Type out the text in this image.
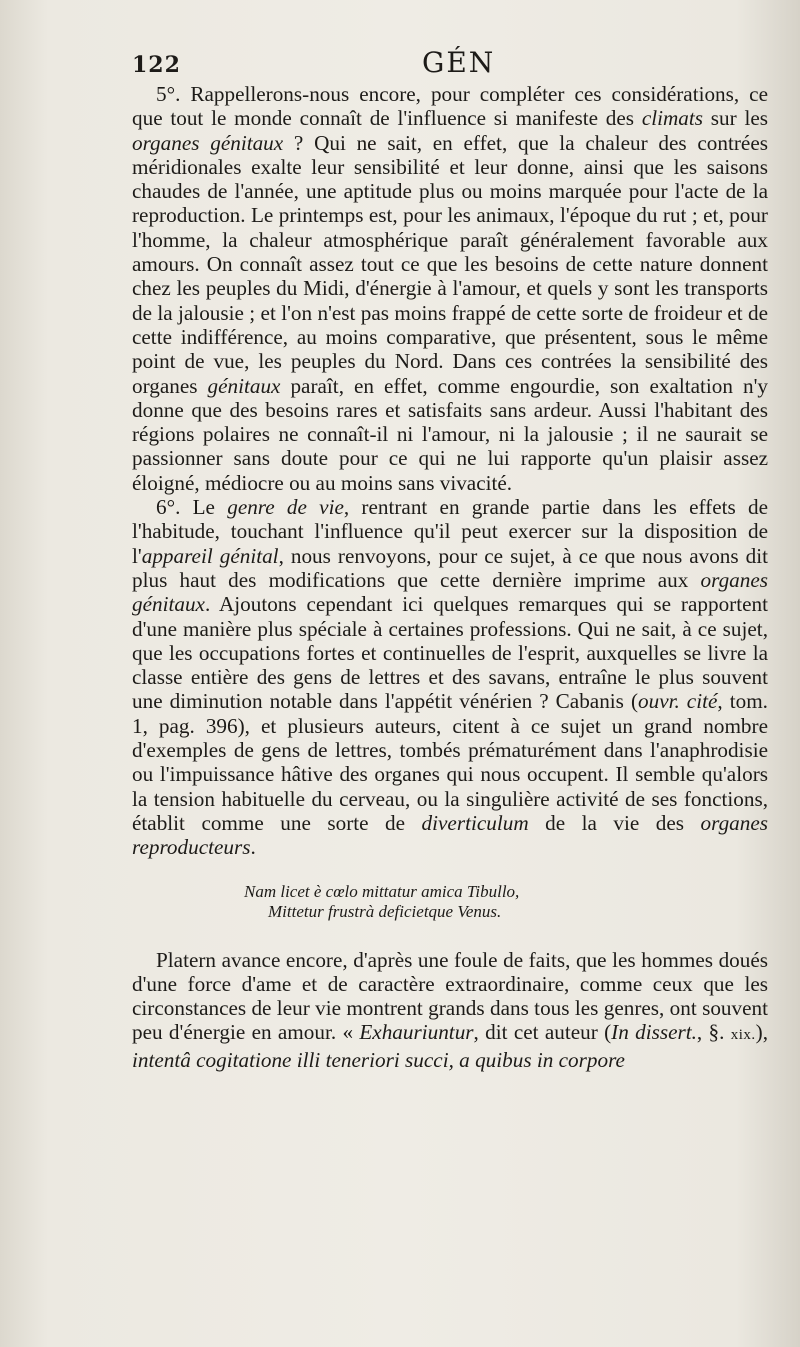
122	GÉN

5°. Rappellerons-nous encore, pour compléter ces considérations, ce que tout le monde connaît de l'influence si manifeste des climats sur les organes génitaux ? Qui ne sait, en effet, que la chaleur des contrées méridionales exalte leur sensibilité et leur donne, ainsi que les saisons chaudes de l'année, une aptitude plus ou moins marquée pour l'acte de la reproduction. Le printemps est, pour les animaux, l'époque du rut ; et, pour l'homme, la chaleur atmosphérique paraît généralement favorable aux amours. On connaît assez tout ce que les besoins de cette nature donnent chez les peuples du Midi, d'énergie à l'amour, et quels y sont les transports de la jalousie ; et l'on n'est pas moins frappé de cette sorte de froideur et de cette indifférence, au moins comparative, que présentent, sous le même point de vue, les peuples du Nord. Dans ces contrées la sensibilité des organes génitaux paraît, en effet, comme engourdie, son exaltation n'y donne que des besoins rares et satisfaits sans ardeur. Aussi l'habitant des régions polaires ne connaît-il ni l'amour, ni la jalousie ; il ne saurait se passionner sans doute pour ce qui ne lui rapporte qu'un plaisir assez éloigné, médiocre ou au moins sans vivacité.

6°. Le genre de vie, rentrant en grande partie dans les effets de l'habitude, touchant l'influence qu'il peut exercer sur la disposition de l'appareil génital, nous renvoyons, pour ce sujet, à ce que nous avons dit plus haut des modifications que cette dernière imprime aux organes génitaux. Ajoutons cependant ici quelques remarques qui se rapportent d'une manière plus spéciale à certaines professions. Qui ne sait, à ce sujet, que les occupations fortes et continuelles de l'esprit, auxquelles se livre la classe entière des gens de lettres et des savans, entraîne le plus souvent une diminution notable dans l'appétit vénérien ? Cabanis (ouvr. cité, tom. 1, pag. 396), et plusieurs auteurs, citent à ce sujet un grand nombre d'exemples de gens de lettres, tombés prématurément dans l'anaphrodisie ou l'impuissance hâtive des organes qui nous occupent. Il semble qu'alors la tension habituelle du cerveau, ou la singulière activité de ses fonctions, établit comme une sorte de diverticulum de la vie des organes reproducteurs.

Nam licet è cœlo mittatur amica Tibullo,
Mittetur frustrà deficietque Venus.

Platern avance encore, d'après une foule de faits, que les hommes doués d'une force d'ame et de caractère extraordinaire, comme ceux que les circonstances de leur vie montrent grands dans tous les genres, ont souvent peu d'énergie en amour. « Exhauriuntur, dit cet auteur (In dissert., §. xix.), intentâ cogitatione illi teneriori succi, a quibus in corpore
